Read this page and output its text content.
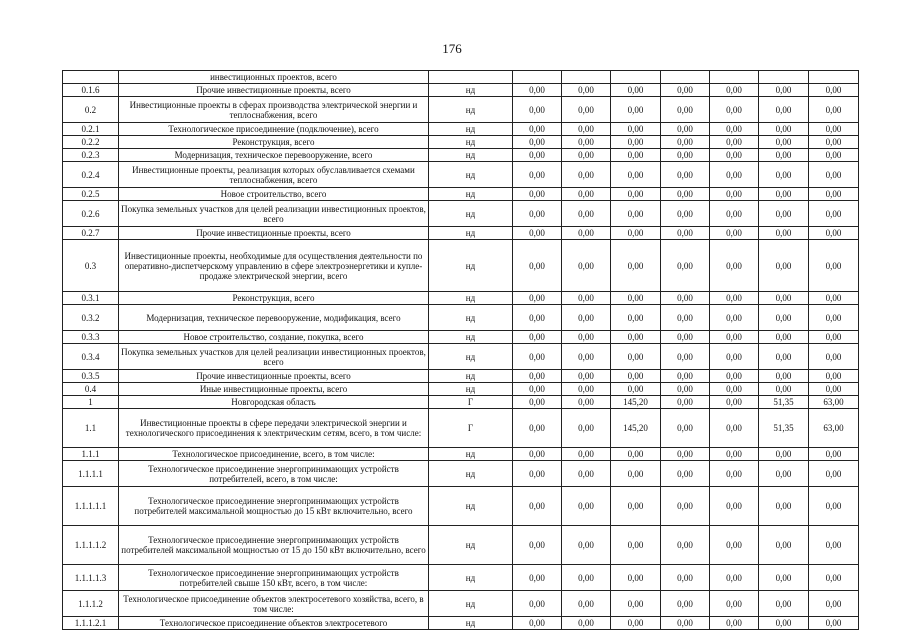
176
	инвестиционных проектов, всего								
0.1.6	Прочие инвестиционные проекты, всего	нд	0,00	0,00	0,00	0,00	0,00	0,00	0,00
0.2	Инвестиционные проекты в сферах производства электрической энергии и теплоснабжения, всего	нд	0,00	0,00	0,00	0,00	0,00	0,00	0,00
0.2.1	Технологическое присоединение (подключение), всего	нд	0,00	0,00	0,00	0,00	0,00	0,00	0,00
0.2.2	Реконструкция, всего	нд	0,00	0,00	0,00	0,00	0,00	0,00	0,00
0.2.3	Модернизация, техническое перевооружение, всего	нд	0,00	0,00	0,00	0,00	0,00	0,00	0,00
0.2.4	Инвестиционные проекты, реализация которых обуславливается схемами теплоснабжения, всего	нд	0,00	0,00	0,00	0,00	0,00	0,00	0,00
0.2.5	Новое строительство, всего	нд	0,00	0,00	0,00	0,00	0,00	0,00	0,00
0.2.6	Покупка земельных участков для целей реализации инвестиционных проектов, всего	нд	0,00	0,00	0,00	0,00	0,00	0,00	0,00
0.2.7	Прочие инвестиционные проекты, всего	нд	0,00	0,00	0,00	0,00	0,00	0,00	0,00
0.3	Инвестиционные проекты, необходимые для осуществления деятельности по оперативно-диспетчерскому управлению в сфере электроэнергетики и купле-продаже электрической энергии, всего	нд	0,00	0,00	0,00	0,00	0,00	0,00	0,00
0.3.1	Реконструкция, всего	нд	0,00	0,00	0,00	0,00	0,00	0,00	0,00
0.3.2	Модернизация, техническое перевооружение, модификация, всего	нд	0,00	0,00	0,00	0,00	0,00	0,00	0,00
0.3.3	Новое строительство, создание, покупка, всего	нд	0,00	0,00	0,00	0,00	0,00	0,00	0,00
0.3.4	Покупка земельных участков для целей реализации инвестиционных проектов, всего	нд	0,00	0,00	0,00	0,00	0,00	0,00	0,00
0.3.5	Прочие инвестиционные проекты, всего	нд	0,00	0,00	0,00	0,00	0,00	0,00	0,00
0.4	Иные инвестиционные проекты, всего	нд	0,00	0,00	0,00	0,00	0,00	0,00	0,00
1	Новгородская область	Г	0,00	0,00	145,20	0,00	0,00	51,35	63,00
1.1	Инвестиционные проекты в сфере передачи электрической энергии и технологического присоединения к электрическим сетям, всего, в том числе:	Г	0,00	0,00	145,20	0,00	0,00	51,35	63,00
1.1.1	Технологическое присоединение, всего, в том числе:	нд	0,00	0,00	0,00	0,00	0,00	0,00	0,00
1.1.1.1	Технологическое присоединение энергопринимающих устройств потребителей, всего, в том числе:	нд	0,00	0,00	0,00	0,00	0,00	0,00	0,00
1.1.1.1.1	Технологическое присоединение энергопринимающих устройств потребителей максимальной мощностью до 15 кВт включительно, всего	нд	0,00	0,00	0,00	0,00	0,00	0,00	0,00
1.1.1.1.2	Технологическое присоединение энергопринимающих устройств потребителей максимальной мощностью от 15 до 150 кВт включительно, всего	нд	0,00	0,00	0,00	0,00	0,00	0,00	0,00
1.1.1.1.3	Технологическое присоединение энергопринимающих устройств потребителей свыше 150 кВт, всего, в том числе:	нд	0,00	0,00	0,00	0,00	0,00	0,00	0,00
1.1.1.2	Технологическое присоединение объектов электросетевого хозяйства, всего, в том числе:	нд	0,00	0,00	0,00	0,00	0,00	0,00	0,00
1.1.1.2.1	Технологическое присоединение объектов электросетевого	нд	0,00	0,00	0,00	0,00	0,00	0,00	0,00
